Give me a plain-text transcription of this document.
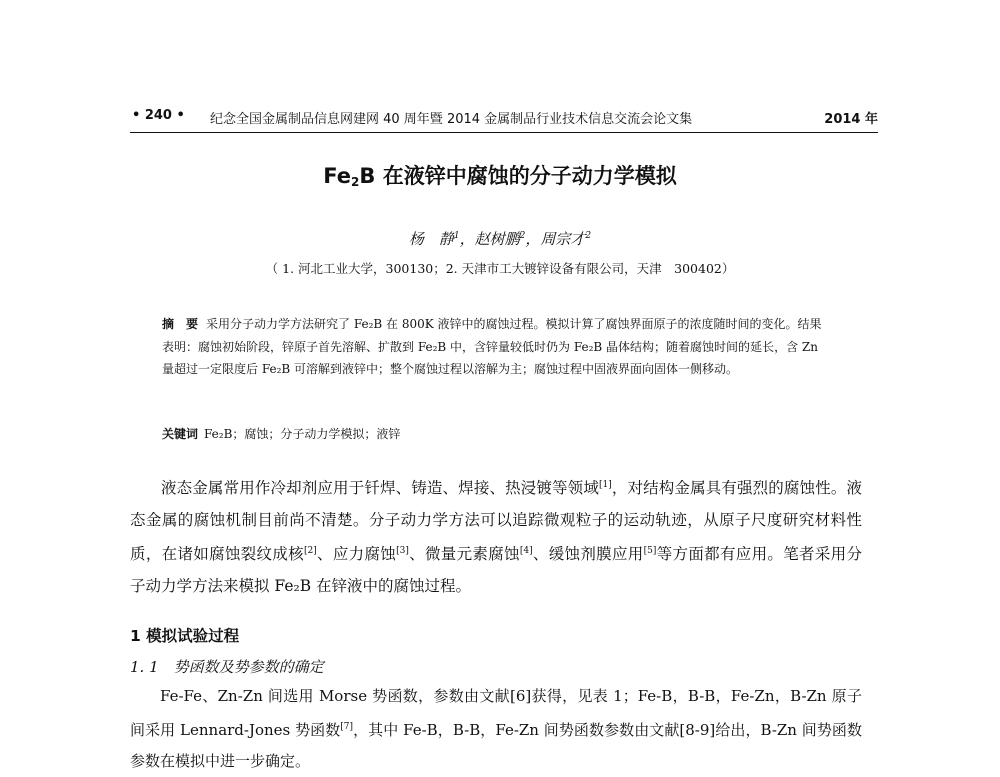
• 240 • 纪念全国金属制品信息网建网 40 周年暨 2014 金属制品行业技术信息交流会论文集	2014 年
$Fe_2B$ 在液锌中腐蚀的分子动力学模拟
杨　静$^1$，赵树鹏$^2$，周宗才$^2$
（ 1. 河北工业大学，300130；2. 天津市工大镀锌设备有限公司，天津　300402）

摘　要 采用分子动力学方法研究了 Fe₂B 在 800K 液锌中的腐蚀过程。模拟计算了腐蚀界面原子的浓度随时间的变化。结果表明：腐蚀初始阶段，锌原子首先溶解、扩散到 Fe₂B 中，含锌量较低时仍为 Fe₂B 晶体结构；随着腐蚀时间的延长，含 Zn 量超过一定限度后 Fe₂B 可溶解到液锌中；整个腐蚀过程以溶解为主；腐蚀过程中固液界面向固体一侧移动。

关键词 Fe₂B；腐蚀；分子动力学模拟；液锌

液态金属常用作冷却剂应用于钎焊、铸造、焊接、热浸镀等领域[1]，对结构金属具有强烈的腐蚀性。液态金属的腐蚀机制目前尚不清楚。分子动力学方法可以追踪微观粒子的运动轨迹，从原子尺度研究材料性质，在诸如腐蚀裂纹成核[2]、应力腐蚀[3]、微量元素腐蚀[4]、缓蚀剂膜应用[5]等方面都有应用。笔者采用分子动力学方法来模拟 Fe₂B 在锌液中的腐蚀过程。

1 模拟试验过程
1. 1　势函数及势参数的确定

Fe-Fe、Zn-Zn 间选用 Morse 势函数，参数由文献[6]获得，见表 1；Fe-B，B-B，Fe-Zn，B-Zn 原子间采用 Lennard-Jones 势函数[7]，其中 Fe-B，B-B，Fe-Zn 间势函数参数由文献[8-9]给出，B-Zn 间势函数参数在模拟中进一步确定。
